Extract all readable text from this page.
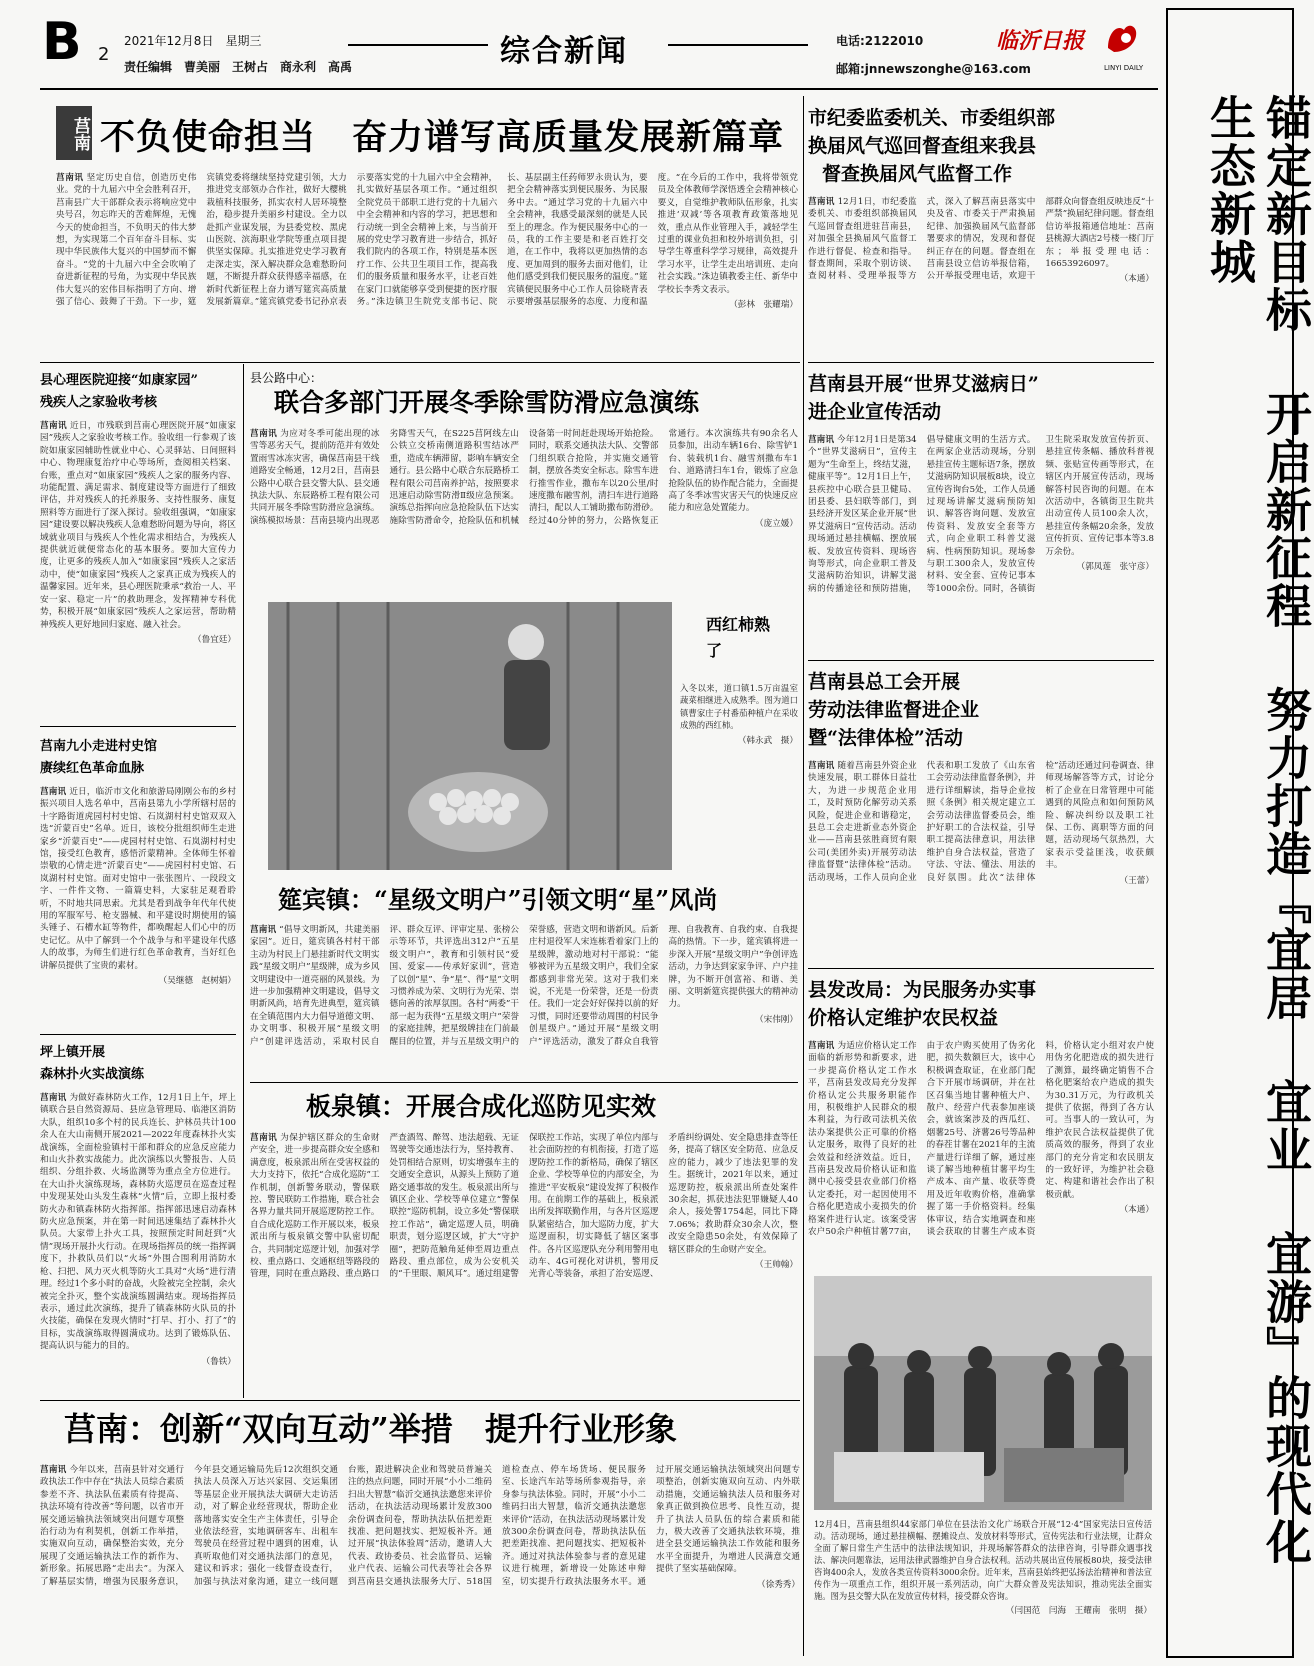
B 2
2021年12月8日　星期三
责任编辑　曹美丽　王树占　商永利　高禹	综合新闻	电话:2122010
邮箱:jnnewszonghe@163.com
临沂日报
LINYI DAILY
锚定新目标 开启新征程 努力打造『宜居 宜业 宜游』的现代化生态新城
莒南 不负使命担当　奋力谱写高质量发展新篇章

莒南讯 坚定历史自信，创造历史伟业。党的十九届六中全会胜利召开，莒南县广大干部群众表示将响应党中央号召，勿忘昨天的苦难辉煌，无愧今天的使命担当，不负明天的伟大梦想，为实现第二个百年奋斗目标、实现中华民族伟大复兴的中国梦而不懈奋斗。“党的十九届六中全会吹响了奋进新征程的号角，为实现中华民族伟大复兴的宏伟目标指明了方向、增强了信心、鼓舞了干劲。下一步，筵宾镇党委将继续坚持党建引领，大力推进党支部领办合作社，做好大樱桃栽植科技服务，抓实农村人居环境整治，稳步提升美丽乡村建设。全力以赴抓产业谋发展，为县委党校、黑虎山医院、滨海职业学院等重点项目提供坚实保障。扎实推进党史学习教育走深走实，深入解决群众急难愁盼问题，不断提升群众获得感幸福感，在新时代新征程上奋力谱写筵宾高质量发展新篇章。”筵宾镇党委书记孙京表示要落实党的十九届六中全会精神，扎实做好基层各项工作。“通过组织全院党员干部职工进行党的十九届六中全会精神和内容的学习，把思想和行动统一到全会精神上来，与当前开展的党史学习教育进一步结合，抓好我们院内的各项工作，特别是基本医疗工作、公共卫生项目工作，提高我们的服务质量和服务水平，让老百姓在家门口就能够享受到便捷的医疗服务。”洙边镇卫生院党支部书记、院长、基层副主任药师罗永贵认为，要把全会精神落实到便民服务、为民服务中去。“通过学习党的十九届六中全会精神，我感受最深刻的就是人民至上的理念。作为便民服务中心的一员，我的工作主要是和老百姓打交道，在工作中，我将以更加热情的态度、更加周到的服务去面对他们，让他们感受到我们便民服务的温度。”筵宾镇便民服务中心工作人员徐晓青表示要增强基层服务的态度、力度和温度。“在今后的工作中，我将带领党员及全体教师学深悟透全会精神核心要义，自觉维护教师队伍形象，扎实推进‘双减’等各项教育政策落地见效，重点从作业管理入手，减轻学生过重的课业负担和校外培训负担，引导学生尊重科学学习规律，高效提升学习水平，让学生走出培训班、走向社会实践。”洙边镇教委主任、新华中学校长李秀文表示。

（彭林　张耀瑞）

市纪委监委机关、市委组织部
换届风气巡回督查组来我县
督查换届风气监督工作

莒南讯 12月1日，市纪委监委机关、市委组织部换届风气巡回督查组进驻莒南县，对加强全县换届风气监督工作进行督促、检查和指导。督查期间，采取个别访谈、查阅材料、受理举报等方式，深入了解莒南县落实中央及省、市委关于严肃换届纪律、加强换届风气监督部署要求的情况，发现和督促纠正存在的问题。督查组在莒南县设立信访举报信箱，公开举报受理电话，欢迎干部群众向督查组反映违反“十严禁”换届纪律问题。督查组信访举报箱通信地址：莒南县桃源大酒店2号楼一楼门厅东；举报受理电话：16653926097。

（本通）

莒南县开展“世界艾滋病日”
进企业宣传活动

莒南讯 今年12月1日是第34个“世界艾滋病日”，宣传主题为“生命至上，终结艾滋，健康平等”。12月1日上午，县疾控中心联合县卫健局、团县委、县妇联等部门，到县经济开发区某企业开展“世界艾滋病日”宣传活动。活动现场通过悬挂横幅、摆放展板、发放宣传资料、现场咨询等形式，向企业职工普及艾滋病防治知识，讲解艾滋病的传播途径和预防措施，倡导健康文明的生活方式。在两家企业活动现场，分别悬挂宣传主题标语7条，摆放艾滋病防知识展板8块，设立宣传咨询台5处，工作人员通过现场讲解艾滋病预防知识、解答咨询问题、发放宣传资料、发放安全套等方式，向企业职工科普艾滋病、性病预防知识。现场参与职工300余人，发放宣传材料、安全套、宣传记事本等1000余份。同时，各镇街卫生院采取发放宣传折页、悬挂宣传条幅、播放科普视频、张贴宣传画等形式，在辖区内开展宣传活动，现场解答村民咨询的问题。在本次活动中，各镇街卫生院共出动宣传人员100余人次，悬挂宣传条幅20余条，发放宣传折页、宣传记事本等3.8万余份。

（郭凤莲　张守彦）

县心理医院迎接“如康家园”
残疾人之家验收考核

莒南讯 近日，市残联到莒南心理医院开展“如康家园”残疾人之家验收考核工作。验收组一行参观了该院如康家园辅助性就业中心、心灵驿站、日间照料中心、物理康复治疗中心等场所，查阅相关档案、台账，重点对“如康家园”残疾人之家的服务内容、功能配置、满足需求、制度建设等方面进行了细致评估，并对残疾人的托养服务、支持性服务、康复照料等方面进行了深入探讨。验收组强调，“如康家园”建设要以解决残疾人急难愁盼问题为导向，将区域就业项目与残疾人个性化需求相结合，为残疾人提供就近就便常态化的基本服务。要加大宣传力度，让更多的残疾人加入“如康家园”残疾人之家活动中，使“如康家园”残疾人之家真正成为残疾人的温馨家园。近年来，县心理医院秉承“救治一人、平安一家、稳定一片”的救助理念，发挥精神专科优势，积极开展“如康家园”残疾人之家运营，帮助精神残疾人更好地回归家庭、融入社会。

（鲁宜廷）

县公路中心：
联合多部门开展冬季除雪防滑应急演练

莒南讯 为应对冬季可能出现的冰雪等恶劣天气，提前防范并有效处置雨雪冰冻灾害，确保莒南县干线道路安全畅通，12月2日，莒南县公路中心联合县交警大队、县交通执法大队、东辰路桥工程有限公司共同开展冬季除雪防滑应急演练。演练模拟场景：莒南县境内出现恶劣降雪天气，在S225莒阿线左山公铁立交桥南侧道路积雪结冰严重，造成车辆滞留，影响车辆安全通行。县公路中心联合东辰路桥工程有限公司莒南养护站，按照要求迅速启动除雪防滑Ⅱ级应急预案。演练总指挥向应急抢险队伍下达实施除雪防滑命令，抢险队伍和机械设备第一时间赶赴现场开始抢险。同时，联系交通执法大队、交警部门组织联合抢险，并实施交通管制，摆放各类安全标志。除雪车进行推雪作业，撒布车以20公里/时速度撒布融雪剂，清扫车进行道路清扫，配以人工铺助撒布防滑砂。经过40分钟的努力，公路恢复正常通行。本次演练共有90余名人员参加，出动车辆16台、除雪铲1台、装载机1台、融雪剂撒布车1台、道路清扫车1台，锻炼了应急抢险队伍的协作配合能力，全面提高了冬季冰雪灾害天气的快速反应能力和应急处置能力。

（庞立媛）

西红柿熟了

入冬以来，道口镇1.5万亩温室蔬菜相继进入成熟季。图为道口镇曹家庄子村番茄种植户在采收成熟的西红柿。

（韩永武　摄）

莒南九小走进村史馆
赓续红色革命血脉

莒南讯 近日，临沂市文化和旅游局刚刚公布的乡村振兴项目人选名单中，莒南县第九小学所辖村居的十字路街道虎园村村史馆、石岚湖村村史馆双双入选“沂蒙百史”名单。近日，该校分批组织师生走进家乡“沂蒙百史”——虎园村村史馆、石岚湖村村史馆，接受红色教育，感悟沂蒙精神。全体师生怀着崇敬的心情走进“沂蒙百史”——虎园村村史馆、石岚湖村村史馆。面对史馆中一张张图片、一段段文字、一件件文物、一篇篇史料，大家驻足观看聆听，不时地共同思索。尤其是看到战争年代年代使用的军服军号、枪支器械、和平建设时期使用的镐头锤子、石槽水缸等物件，都唤醒起人们心中的历史记忆。从中了解到一个个战争与和平建设年代感人的故事，为师生们进行红色革命教育，当好红色讲解员提供了宝贵的素材。

（吴继德　赵树娟）

坪上镇开展
森林扑火实战演练

莒南讯 为做好森林防火工作，12月1日上午，坪上镇联合县自然资源局、县应急管理局、临港区消防大队，组织10多个村的民兵连长、护林员共计100余人在大山南侧开展2021—2022年度森林扑火实战演练，全面检验镇村干部和群众的应急反应能力和山火扑救实战能力。此次演练以火警报告、人员组织、分组扑救、火场监测等为重点全方位进行。在大山扑火演练现场，森林防火巡逻员在巡查过程中发现某处山头发生森林“火情”后，立即上报村委防火办和镇森林防火指挥部。指挥部迅速启动森林防火应急预案，并在第一时间迅速集结了森林扑火队员。大家带上扑火工具，按照预定时间赶到“火情”现场开展扑火行动。在现场指挥员的统一指挥调度下，扑救队员们以“火场”外围合围利用消防水枪、扫把、风力灭火机等防火工具对“火场”进行清理。经过1个多小时的奋战，火险被完全控制，余火被完全扑灭，整个实战演练圆满结束。现场指挥员表示，通过此次演练，提升了镇森林防火队员的扑火技能，确保在发现火情时“打早、打小、打了”的目标，实战演练取得圆满成功。达到了锻炼队伍、提高认识与能力的目的。

（鲁铁）

莒南县总工会开展
劳动法律监督进企业
暨“法律体检”活动

莒南讯 随着莒南县外资企业快速发展，职工群体日益壮大，为进一步规范企业用工，及时预防化解劳动关系风险，促进企业和谐稳定，县总工会走进新业态外资企业——莒南县弦胜商贸有限公司(美团外卖)开展劳动法律监督暨“法律体检”活动。活动现场，工作人员向企业代表和职工发放了《山东省工会劳动法律监督条例》，并进行详细解读，指导企业按照《条例》相关规定建立工会劳动法律监督委员会，维护好职工的合法权益，引导职工提高法律意识，用法律维护自身合法权益，营造了守法、守法、懂法、用法的良好氛围。此次“法律体检”活动还通过问卷调查、律师现场解答等方式，讨论分析了企业在日常管理中可能遇到的风险点和如何预防风险、解决纠纷以及职工社保、工伤、离职等方面的问题，活动现场气氛热烈，大家表示受益匪浅，收获颇丰。

（王蕾）

筵宾镇：“星级文明户”引领文明“星”风尚

莒南讯 “倡导文明新风，共建美丽家园”。近日，筵宾镇各村村干部主动为村民上门悬挂新时代文明实践“星级文明户”星级牌，成为乡风文明建设中一道亮丽的风景线。为进一步加强精神文明建设，倡导文明新风尚，培育先进典型，筵宾镇在全镇范围内大力倡导道德文明、办文明事、积极开展“星级文明户”创建评选活动，采取村民自评、群众互评、评审定星、张榜公示等环节，共评选出312户“五星级文明户”，教育和引领村民“爱国、爱家——传承好家训”，营造了以创“星”、争“星”、得“星”文明习惯养成为荣、文明行为光荣、崇德向善的浓厚氛围。各村“两委”干部一起为获得“五星级文明户”荣誉的家庭挂牌，把星级牌挂在门前最醒目的位置，并与五星级文明户的荣誉感，营造文明和谐新风。后新庄村退役军人宋连栋看着家门上的星级牌，激动地对村干部说：“能够被评为五星级文明户，我们全家都感到非常光荣。这对于我们来说，不光是一份荣誉，还是一份责任。我们一定会好好保持以前的好习惯，同时还要带动周围的村民争创星级户。”通过开展“星级文明户”评选活动，激发了群众自我管理、自我教育、自我约束、自我提高的热情。下一步，筵宾镇将进一步深入开展“星级文明户”争创评选活动，力争达到家家争评、户户挂牌，为不断开创富裕、和谐、美丽、文明新筵宾提供强大的精神动力。

（宋伟刚）

县发改局：为民服务办实事
价格认定维护农民权益

莒南讯 为适应价格认定工作面临的新形势和新要求，进一步提高价格认定工作水平，莒南县发改局充分发挥价格认定公共服务职能作用，积极维护人民群众的根本利益，为行政司法机关依法办案提供公正可靠的价格认定服务，取得了良好的社会效益和经济效益。近日，莒南县发改局价格认证和监测中心接受县农业部门价格认定委托，对一起因使用不合格化肥造成小麦损失的价格案件进行认定。该案受害农户50余户种植甘薯77亩，由于农户购买使用了伪劣化肥，损失数额巨大，该中心积极调查取证，在业部门配合下开展市场调研，并在社区召集当地甘薯种植大户、散户、经营户代表参加座谈会，就该案涉及的西瓜红、烟薯25号、济薯26号等品种的春茬甘薯在2021年的主流产量进行详细了解，通过座谈了解当地种植甘薯平均生产成本、亩产量、收获等费用及近年收购价格，准确掌握了第一手价格资料。经集体审议，结合实地调查和座谈会获取的甘薯生产成本资料，价格认定小组对农户使用伪劣化肥造成的损失进行了测算，最终确定销售不合格化肥案给农户造成的损失为30.31万元，为行政机关提供了依据，得到了各方认可。当事人的一致认可，为维护农民合法权益提供了优质高效的服务，得到了农业部门的充分肯定和农民朋友的一致好评，为维护社会稳定、构建和谐社会作出了积极贡献。

（本通）

板泉镇：开展合成化巡防见实效

莒南讯 为保护辖区群众的生命财产安全，进一步提高群众安全感和满意度，板泉派出所在受害权益的大力支持下，依托“合成化巡防”工作机制，创新警务联动，警保联控、警民联防工作措施，联合社会各界力量共同开展巡逻防控工作。自合成化巡防工作开展以来，板泉派出所与板泉镇交警中队密切配合，共同制定巡逻计划，加强对学校、重点路口、交通枢纽等路段的管理，同时在重点路段、重点路口严查酒驾、醉驾、违法超载、无证驾驶等交通违法行为，坚持教育、处罚相结合原则，切实增强车主的交通安全意识，从源头上预防了道路交通事故的发生。板泉派出所与镇区企业、学校等单位建立“警保联控”巡防机制，设立多处“警保联控工作站”，确定巡逻人员，明确职责，划分巡逻区域，扩大“守护圈”，把防范触角延伸至周边重点路段、重点部位，成为公安机关的“千里眼、顺风耳”。通过组建警保联控工作站，实现了单位内部与社会面防控的有机衔接，打造了巡逻防控工作的新格局，确保了辖区企业、学校等单位的内部安全，为推进“平安板泉”建设发挥了积极作用。在前期工作的基础上，板泉派出所发挥联勤作用，与各片区巡逻队紧密结合，加大巡防力度，扩大巡逻面积，切实降低了辖区案事件。各片区巡逻队充分利用警用电动车、4G可视化对讲机，警用反光背心等装备，承担了治安巡逻、矛盾纠纷调处、安全隐患排查等任务，提高了辖区安全防范、应急反应的能力，减少了违法犯罪的发生。据统计，2021年以来，通过巡逻防控，板泉派出所查处案件30余起，抓获违法犯罪嫌疑人40余人，接处警1754起，同比下降7.06%；救助群众30余人次，整改安全隐患50余处，有效保障了辖区群众的生命财产安全。

（王帅翰）

12月4日，莒南县组织44家部门单位在县法治文化广场联合开展“12·4”国家宪法日宣传活动。活动现场，通过悬挂横幅、摆摊设点、发放材料等形式，宣传宪法和行业法规，让群众全面了解日常生产生活中的法律法规知识，并现场解答群众的法律咨询，引导群众遇事找法、解决问题靠法，运用法律武器维护自身合法权利。活动共展出宣传展板80块，接受法律咨询400余人，发放各类宣传资料3000余份。近年来，莒南县始终把弘扬法治精神和普法宣传作为一项重点工作，组织开展一系列活动，向广大群众普及宪法知识，推动宪法全面实施。图为县交警大队在发放宣传材料，接受群众咨询。

（闫国范　闫海　王耀南　张明　摄）

莒南：创新“双向互动”举措　提升行业形象

莒南讯 今年以来，莒南县针对交通行政执法工作中存在“执法人员综合素质参差不齐、执法队伍素质有待提高、执法环境有待改善”等问题，以省市开展交通运输执法领域突出问题专项整治行动为有利契机，创新工作举措，实施双向互动，确保整治实效，充分展现了交通运输执法工作的新作为、新形象。拓展思路“走出去”。为深入了解基层实情，增强为民服务意识，今年县交通运输局先后12次组织交通执法人员深入万达兴家园、交运集团等基层企业开展执法大调研大走访活动，对了解企业经营现状，帮助企业落地落实安全生产主体责任，引导企业依法经营，实地调研客车、出租车驾驶员在经营过程中遇到的困难，认真听取他们对交通执法部门的意见，建议和诉求；强化一线督查设查行，加强与执法对象沟通，建立一线问题台账，跟进解决企业和驾驶员普遍关注的热点问题，同时开展“小小二维码扫出大智慧”临沂交通执法邀您来评价活动，在执法活动现场累计发放300余份调查问卷，帮助执法队伍把差距找准、把问题找实、把短板补齐。通过开展“执法体验周”活动，邀请人大代表、政协委员、社会监督员、运输业户代表、运输公司代表等社会各界到莒南县交通执法服务大厅、518国道检查点、停车场货场、便民服务室、长途汽车站等场所参观指导，亲身参与执法体验。同时，开展“小小二维码扫出大智慧，临沂交通执法邀您来评价”活动，在执法活动现场累计发放300余份调查问卷，帮助执法队伍把差距找准、把问题找实、把短板补齐。通过对执法体验参与者的意见建议进行梳理，新增设一处陈述申辩室，切实提升行政执法服务水平。通过开展交通运输执法领域突出问题专项整治，创新实施双向互动、内外联动措施，交通运输执法人员和服务对象真正做到换位思考、良性互动，提升了执法人员队伍的综合素质和能力，极大改善了交通执法软环境，推进全县交通运输执法工作效能和服务水平全面提升，为增进人民满意交通提供了坚实基础保障。

（徐秀秀）
